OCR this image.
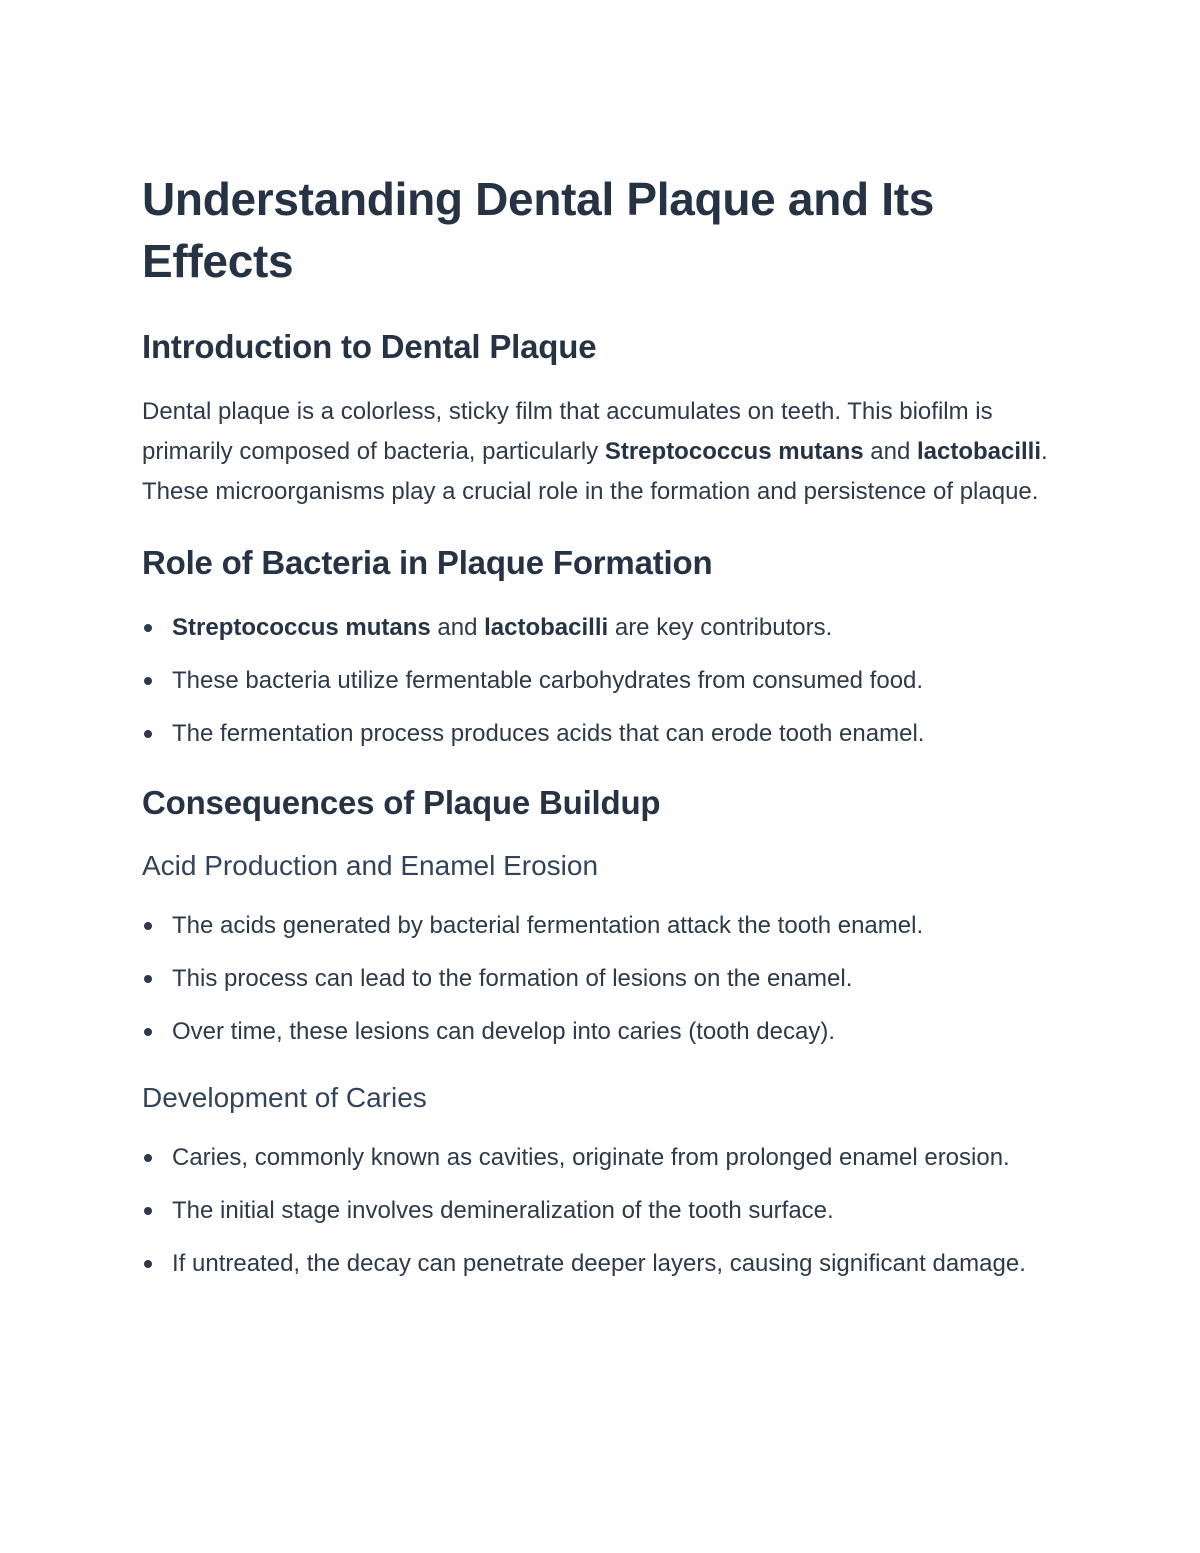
Understanding Dental Plaque and Its Effects
Introduction to Dental Plaque

Dental plaque is a colorless, sticky film that accumulates on teeth. This biofilm is primarily composed of bacteria, particularly Streptococcus mutans and lactobacilli. These microorganisms play a crucial role in the formation and persistence of plaque.

Role of Bacteria in Plaque Formation
Streptococcus mutans and lactobacilli are key contributors.
These bacteria utilize fermentable carbohydrates from consumed food.
The fermentation process produces acids that can erode tooth enamel.
Consequences of Plaque Buildup
Acid Production and Enamel Erosion
The acids generated by bacterial fermentation attack the tooth enamel.
This process can lead to the formation of lesions on the enamel.
Over time, these lesions can develop into caries (tooth decay).
Development of Caries
Caries, commonly known as cavities, originate from prolonged enamel erosion.
The initial stage involves demineralization of the tooth surface.
If untreated, the decay can penetrate deeper layers, causing significant damage.
